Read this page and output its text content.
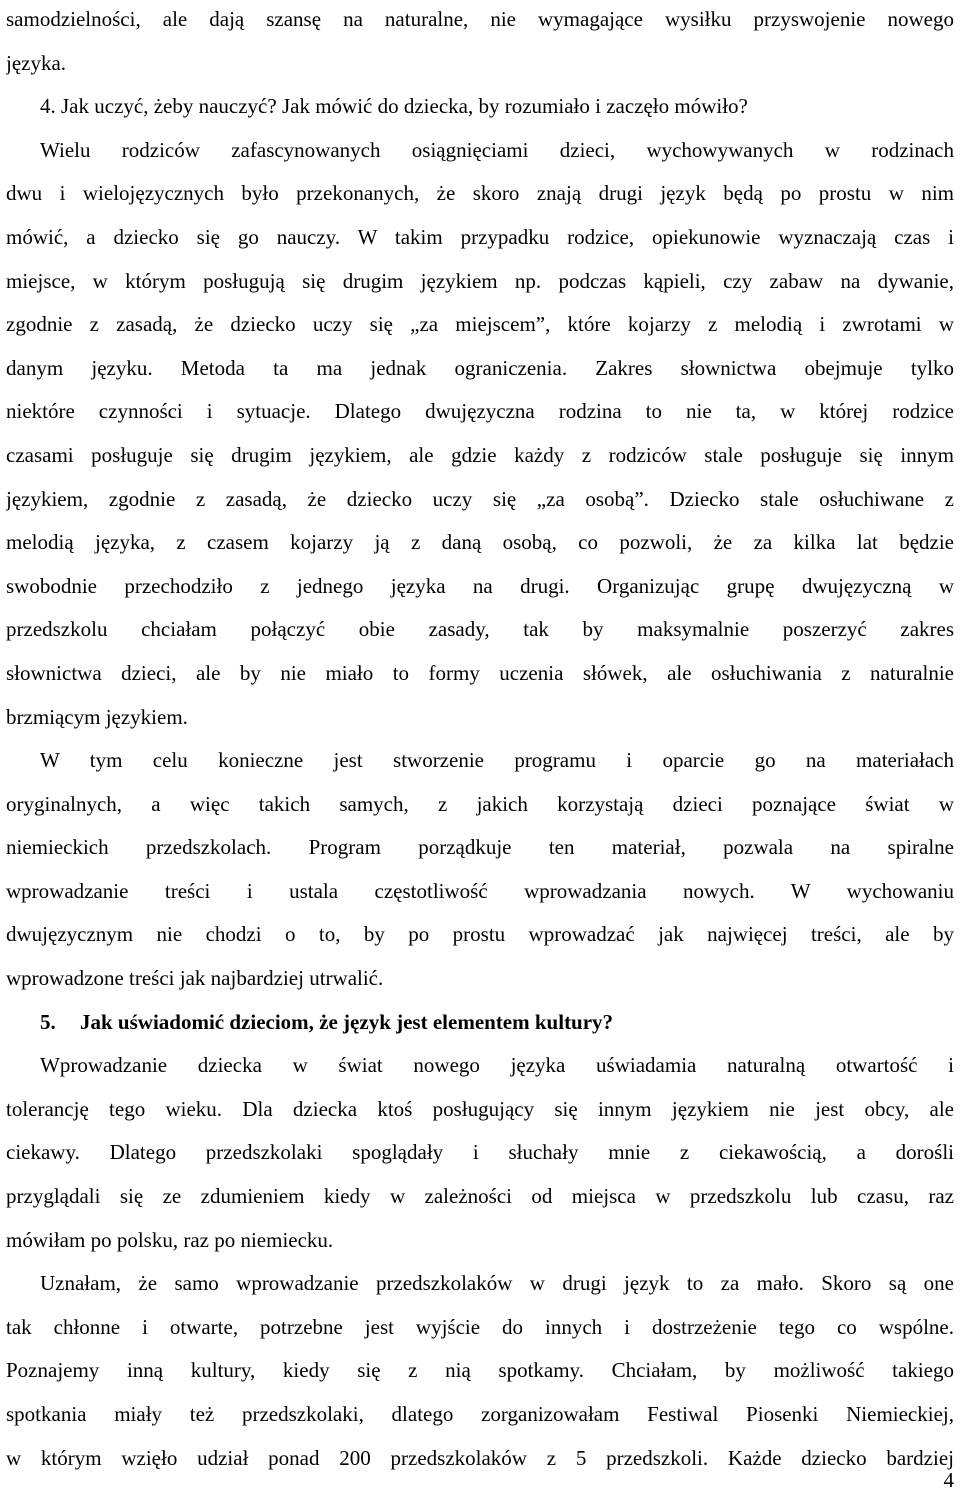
samodzielności, ale dają szansę na naturalne, nie wymagające wysiłku przyswojenie nowego
języka.
4. Jak uczyć, żeby nauczyć? Jak mówić do dziecka, by rozumiało i zaczęło mówiło?
Wielu rodziców zafascynowanych osiągnięciami dzieci, wychowywanych w rodzinach
dwu i wielojęzycznych było przekonanych, że skoro znają drugi język będą po prostu w nim
mówić, a dziecko się go nauczy. W takim przypadku rodzice, opiekunowie wyznaczają czas i
miejsce, w którym posługują się drugim językiem np. podczas kąpieli, czy zabaw na dywanie,
zgodnie z zasadą, że dziecko uczy się „za miejscem”, które kojarzy z melodią i zwrotami w
danym języku. Metoda ta ma jednak ograniczenia. Zakres słownictwa obejmuje tylko
niektóre czynności i sytuacje. Dlatego dwujęzyczna rodzina to nie ta, w której rodzice
czasami posługuje się drugim językiem, ale gdzie każdy z rodziców stale posługuje się innym
językiem, zgodnie z zasadą, że dziecko uczy się „za osobą”. Dziecko stale osłuchiwane z
melodią języka, z czasem kojarzy ją z daną osobą, co pozwoli, że za kilka lat będzie
swobodnie przechodziło z jednego języka na drugi. Organizując grupę dwujęzyczną w
przedszkolu chciałam połączyć obie zasady, tak by maksymalnie poszerzyć zakres
słownictwa dzieci, ale by nie miało to formy uczenia słówek, ale osłuchiwania z naturalnie
brzmiącym językiem.
W tym celu konieczne jest stworzenie programu i oparcie go na materiałach
oryginalnych, a więc takich samych, z jakich korzystają dzieci poznające świat w
niemieckich przedszkolach. Program porządkuje ten materiał, pozwala na spiralne
wprowadzanie treści i ustala częstotliwość wprowadzania nowych. W wychowaniu
dwujęzycznym nie chodzi o to, by po prostu wprowadzać jak najwięcej treści, ale by
wprowadzone treści jak najbardziej utrwalić.
5. Jak uświadomić dzieciom, że język jest elementem kultury?
Wprowadzanie dziecka w świat nowego języka uświadamia naturalną otwartość i
tolerancję tego wieku. Dla dziecka ktoś posługujący się innym językiem nie jest obcy, ale
ciekawy. Dlatego przedszkolaki spoglądały i słuchały mnie z ciekawością, a dorośli
przyglądali się ze zdumieniem kiedy w zależności od miejsca w przedszkolu lub czasu, raz
mówiłam po polsku, raz po niemiecku.
Uznałam, że samo wprowadzanie przedszkolaków w drugi język to za mało. Skoro są one
tak chłonne i otwarte, potrzebne jest wyjście do innych i dostrzeżenie tego co wspólne.
Poznajemy inną kultury, kiedy się z nią spotkamy. Chciałam, by możliwość takiego
spotkania miały też przedszkolaki, dlatego zorganizowałam Festiwal Piosenki Niemieckiej,
w którym wzięło udział ponad 200 przedszkolaków z 5 przedszkoli. Każde dziecko bardziej
4
